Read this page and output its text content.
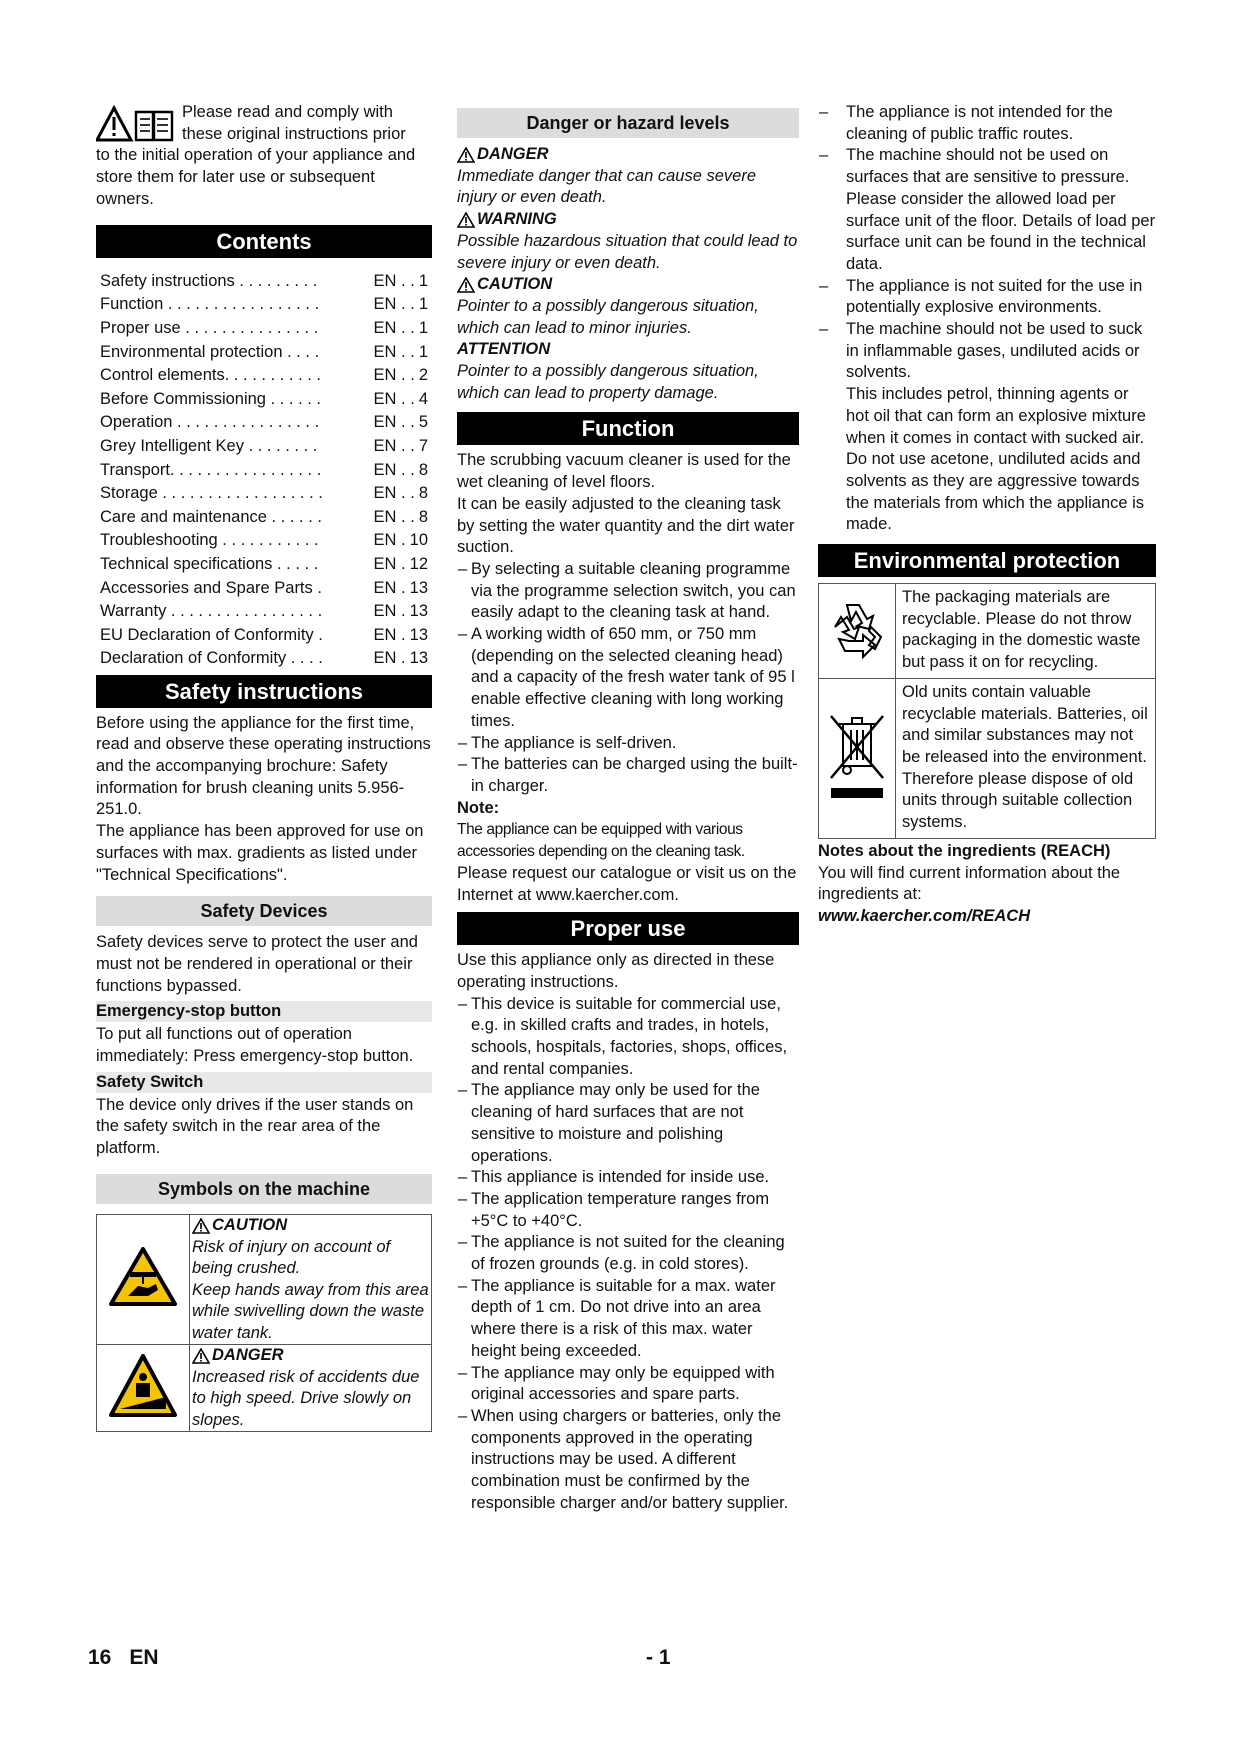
Please read and comply with

these original instructions prior

to the initial operation of your appliance and store them for later use or subsequent owners.

Contents
Safety instructions . . . . . . . . .	EN . . 1
Function . . . . . . . . . . . . . . . . .	EN . . 1
Proper use . . . . . . . . . . . . . . .	EN . . 1
Environmental protection . . . .	EN . . 1
Control elements. . . . . . . . . . .	EN . . 2
Before Commissioning . . . . . .	EN . . 4
Operation . . . . . . . . . . . . . . . .	EN . . 5
Grey Intelligent Key . . . . . . . .	EN . . 7
Transport. . . . . . . . . . . . . . . . .	EN . . 8
Storage . . . . . . . . . . . . . . . . . .	EN . . 8
Care and maintenance . . . . . .	EN . . 8
Troubleshooting . . . . . . . . . . .	EN . 10
Technical specifications . . . . .	EN . 12
Accessories and Spare Parts .	EN . 13
Warranty . . . . . . . . . . . . . . . . .	EN . 13
EU Declaration of Conformity .	EN . 13
Declaration of Conformity . . . .	EN . 13
Safety instructions

Before using the appliance for the first time, read and observe these operating instructions and the accompanying brochure: Safety information for brush cleaning units 5.956-251.0.

The appliance has been approved for use on surfaces with max. gradients as listed under "Technical Specifications".

Safety Devices

Safety devices serve to protect the user and must not be rendered in operational or their functions bypassed.

Emergency-stop button

To put all functions out of operation immediately: Press emergency-stop button.

Safety Switch

The device only drives if the user stands on the safety switch in the rear area of the platform.

Symbols on the machine

CAUTION

Risk of injury on account of being crushed.

Keep hands away from this area while swivelling down the waste water tank.

DANGER

Increased risk of accidents due to high speed. Drive slowly on slopes.

Danger or hazard levels
DANGER

Immediate danger that can cause severe injury or even death.

WARNING

Possible hazardous situation that could lead to severe injury or even death.

CAUTION

Pointer to a possibly dangerous situation, which can lead to minor injuries.

ATTENTION

Pointer to a possibly dangerous situation, which can lead to property damage.

Function

The scrubbing vacuum cleaner is used for the wet cleaning of level floors.

It can be easily adjusted to the cleaning task by setting the water quantity and the dirt water suction.

– By selecting a suitable cleaning programme via the programme selection switch, you can easily adapt to the cleaning task at hand.
– A working width of 650 mm, or 750 mm (depending on the selected cleaning head) and a capacity of the fresh water tank of 95 l enable effective cleaning with long working times.
– The appliance is self-driven.
– The batteries can be charged using the built-in charger.

Note:

The appliance can be equipped with various accessories depending on the cleaning task.

Please request our catalogue or visit us on the Internet at www.kaercher.com.

Proper use

Use this appliance only as directed in these operating instructions.

– This device is suitable for commercial use, e.g. in skilled crafts and trades, in hotels, schools, hospitals, factories, shops, offices, and rental companies.
– The appliance may only be used for the cleaning of hard surfaces that are not sensitive to moisture and polishing operations.
– This appliance is intended for inside use.
– The application temperature ranges from +5°C to +40°C.
– The appliance is not suited for the cleaning of frozen grounds (e.g. in cold stores).
– The appliance is suitable for a max. water depth of 1 cm. Do not drive into an area where there is a risk of this max. water height being exceeded.
– The appliance may only be equipped with original accessories and spare parts.
– When using chargers or batteries, only the components approved in the operating instructions may be used. A different combination must be confirmed by the responsible charger and/or battery supplier.
– The appliance is not intended for the cleaning of public traffic routes.
– The machine should not be used on surfaces that are sensitive to pressure. Please consider the allowed load per surface unit of the floor. Details of load per surface unit can be found in the technical data.
– The appliance is not suited for the use in potentially explosive environments.
– The machine should not be used to suck in inflammable gases, undiluted acids or solvents.
This includes petrol, thinning agents or hot oil that can form an explosive mixture when it comes in contact with sucked air. Do not use acetone, undiluted acids and solvents as they are aggressive towards the materials from which the appliance is made.
Environmental protection

The packaging materials are recyclable. Please do not throw packaging in the domestic waste but pass it on for recycling.

Old units contain valuable recyclable materials. Batteries, oil and similar substances may not be released into the environment. Therefore please dispose of old units through suitable collection systems.

Notes about the ingredients (REACH)

You will find current information about the ingredients at:

www.kaercher.com/REACH

16 EN	- 1
